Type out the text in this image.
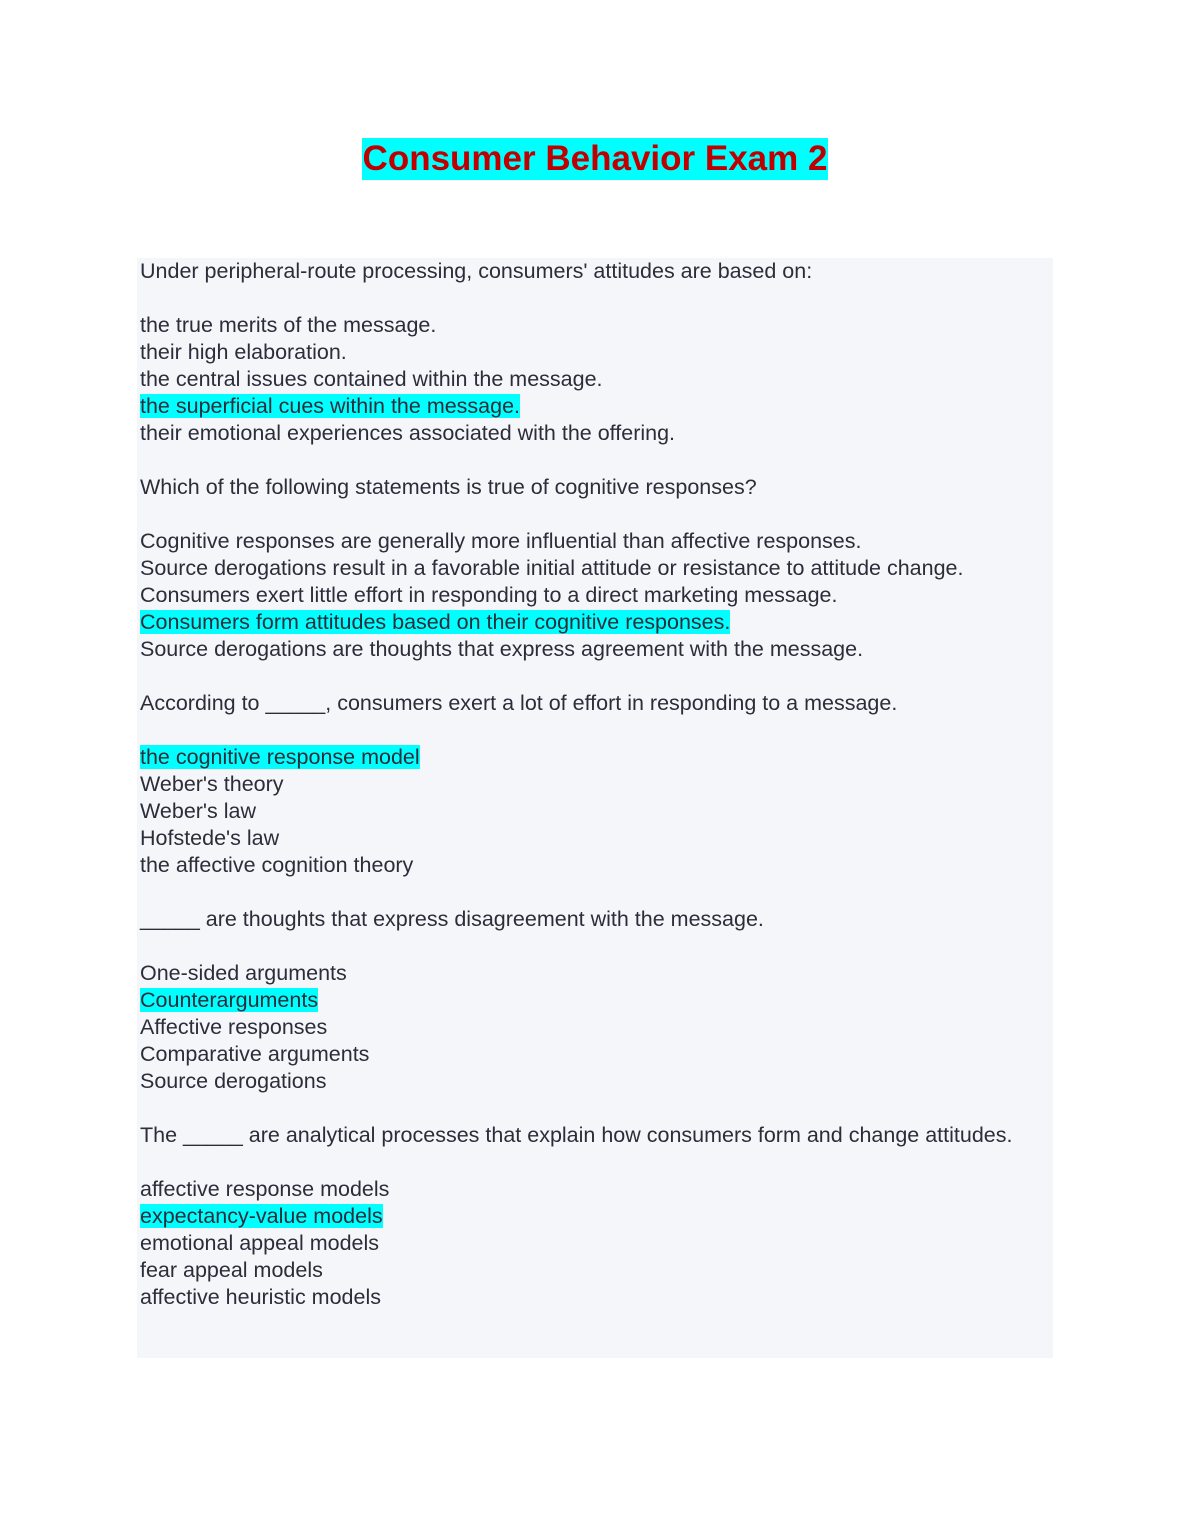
Consumer Behavior Exam 2

Under peripheral-route processing, consumers' attitudes are based on:

the true merits of the message.
their high elaboration.
the central issues contained within the message.
the superficial cues within the message.
their emotional experiences associated with the offering.

Which of the following statements is true of cognitive responses?

Cognitive responses are generally more influential than affective responses.
Source derogations result in a favorable initial attitude or resistance to attitude change.
Consumers exert little effort in responding to a direct marketing message.
Consumers form attitudes based on their cognitive responses.
Source derogations are thoughts that express agreement with the message.

According to _____, consumers exert a lot of effort in responding to a message.

the cognitive response model
Weber's theory
Weber's law
Hofstede's law
the affective cognition theory

_____ are thoughts that express disagreement with the message.

One-sided arguments
Counterarguments
Affective responses
Comparative arguments
Source derogations

The _____ are analytical processes that explain how consumers form and change attitudes.

affective response models
expectancy-value models
emotional appeal models
fear appeal models
affective heuristic models
